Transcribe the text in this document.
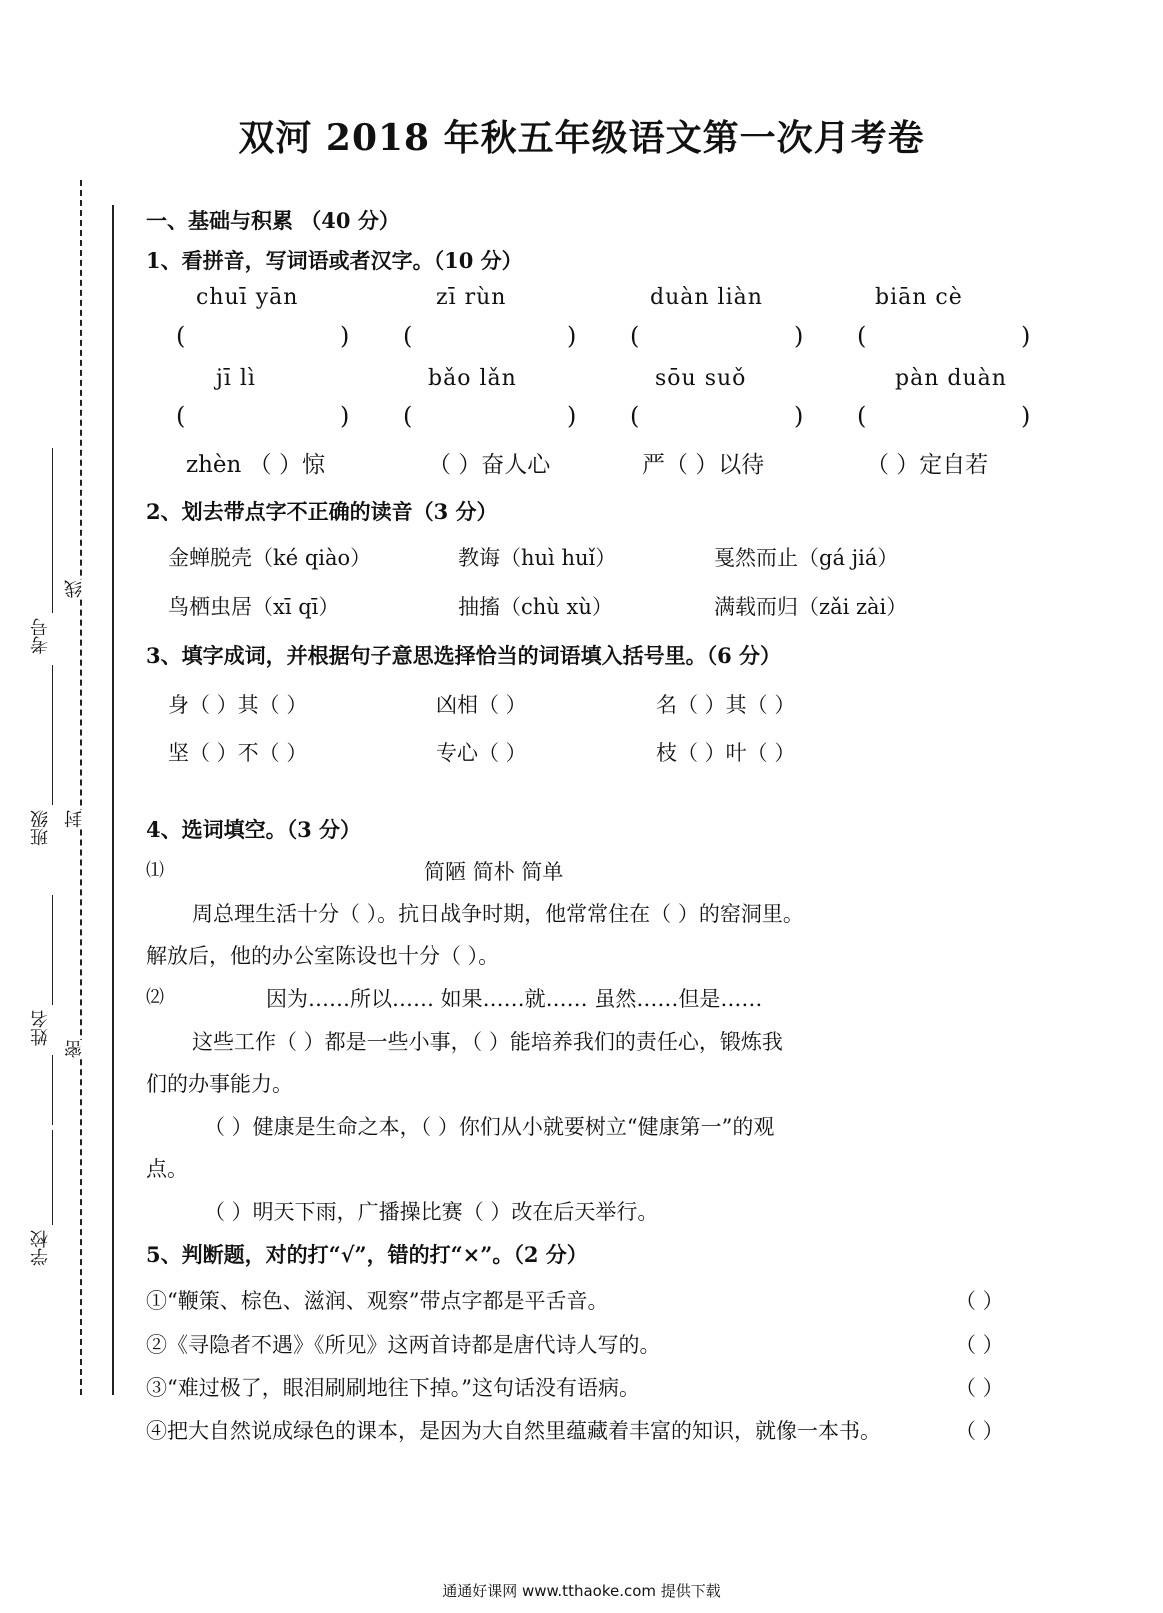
双河 2018 年秋五年级语文第一次月考卷
学校
姓名
班级
考号
密
封
线
一、基础与积累 （40 分）
1、看拼音，写词语或者汉字。（10 分）
chuī yān	zī rùn	duàn liàn	biān cè
(	) (	) (	) (	)
jī lì	bǎo lǎn	sōu suǒ	pàn duàn
(	) (	) (	) (	)
zhèn （ ）惊	（ ）奋人心	严（ ）以待	（ ）定自若
2、划去带点字不正确的读音（3 分）
金蝉脱壳（ké qiào）	教诲（huì huǐ）	戛然而止（gá jiá）
鸟栖虫居（xī qī）	抽搐（chù xù）	满载而归（zǎi zài）
3、填字成词，并根据句子意思选择恰当的词语填入括号里。（6 分）
身（ ）其（ ）	凶相（ ）	名（ ）其（ ）
坚（ ）不（ ）	专心（ ）	枝（ ）叶（ ）
4、选词填空。（3 分）
⑴	简陋 简朴 简单
周总理生活十分（ ）。抗日战争时期，他常常住在（ ）的窑洞里。
解放后，他的办公室陈设也十分（ ）。
⑵	因为……所以…… 如果……就…… 虽然……但是……
这些工作（ ）都是一些小事，（ ）能培养我们的责任心，锻炼我
们的办事能力。
（ ）健康是生命之本，（ ）你们从小就要树立“健康第一”的观
点。
（ ）明天下雨，广播操比赛（ ）改在后天举行。
5、判断题，对的打“√”，错的打“×”。（2 分）
①“鞭策、棕色、滋润、观察”带点字都是平舌音。	（ ）
②《寻隐者不遇》《所见》这两首诗都是唐代诗人写的。	（ ）
③“难过极了，眼泪刷刷地往下掉。”这句话没有语病。	（ ）
④把大自然说成绿色的课本，是因为大自然里蕴藏着丰富的知识，就像一本书。	（ ）
通通好课网 www.tthaoke.com 提供下载
